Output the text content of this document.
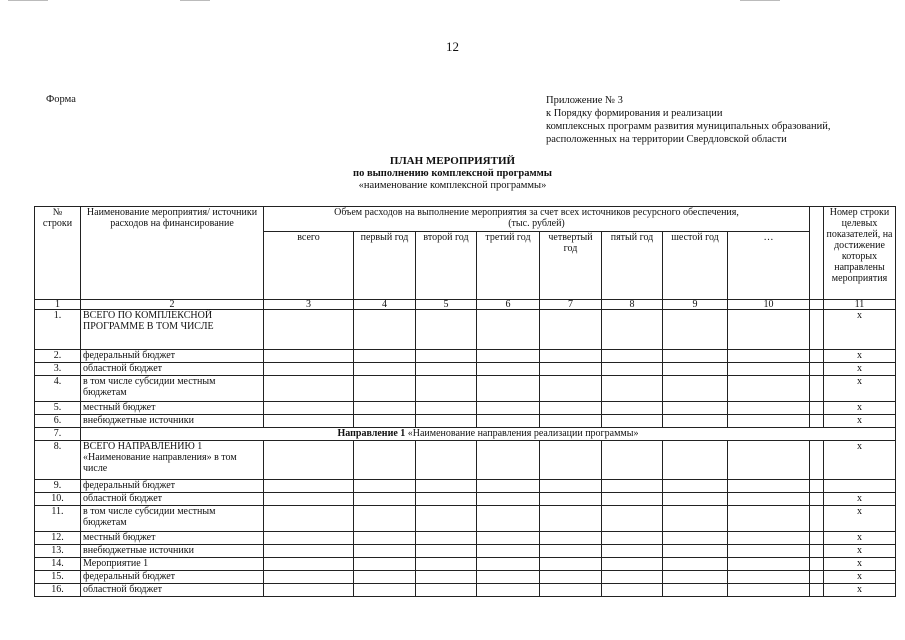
12
Форма	Приложение № 3
к Порядку формирования и реализации
комплексных программ развития муниципальных образований,
расположенных на территории Свердловской области
ПЛАН МЕРОПРИЯТИЙ
по выполнению комплексной программы
«наименование комплексной программы»
№ строки	Наименование мероприятия/ источники расходов на финансирование	Объем расходов на выполнение мероприятия за счет всех источников ресурсного обеспечения,
(тыс. рублей)									Номер строки целевых показателей, на достижение которых направлены мероприятия
		всего	первый год	второй год	третий год	четвертый год	пятый год	шестой год	…		
1	2	3	4	5	6	7	8	9	10		11
1.	ВСЕГО ПО КОМПЛЕКСНОЙ ПРОГРАММЕ В ТОМ ЧИСЛЕ										х
2.	федеральный бюджет										х
3.	областной бюджет										х
4.	в том числе субсидии местным бюджетам										х
5.	местный бюджет										х
6.	внебюджетные источники										х
7.	Направление 1 «Наименование направления реализации программы»										
8.	ВСЕГО НАПРАВЛЕНИЮ 1 «Наименование направления» в том числе										х
9.	федеральный бюджет										
10.	областной бюджет										х
11.	в том числе субсидии местным бюджетам										х
12.	местный бюджет										х
13.	внебюджетные источники										х
14.	Мероприятие 1										х
15.	федеральный бюджет										х
16.	областной бюджет										х
